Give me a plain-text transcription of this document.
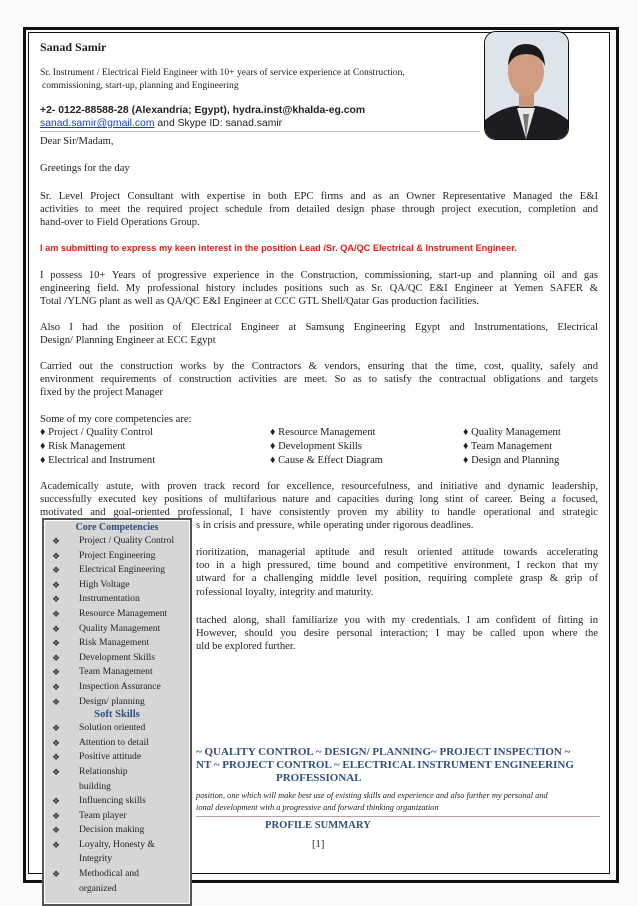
Sanad Samir
Sr. Instrument / Electrical Field Engineer with 10+ years of service experience at Construction,
commissioning, start-up, planning and Engineering
+2- 0122-88588-28 (Alexandria; Egypt), hydra.inst@khalda-eg.com
sanad.samir@gmail.com and Skype ID: sanad.samir
Dear Sir/Madam,
Greetings for the day
Sr. Level Project Consultant with expertise in both EPC firms and as an Owner Representative Managed the E&I
activities to meet the required project schedule from detailed design phase through project execution, completion and
hand-over to Field Operations Group.
I am submitting to express my keen interest in the position Lead /Sr. QA/QC Electrical & Instrument Engineer.
I possess 10+ Years of progressive experience in the Construction, commissioning, start-up and planning oil and gas
engineering field. My professional history includes positions such as Sr. QA/QC E&I Engineer at Yemen SAFER &
Total /YLNG plant as well as QA/QC E&I Engineer at CCC GTL Shell/Qatar Gas production facilities.
Also I had the position of Electrical Engineer at Samsung Engineering Egypt and Instrumentations, Electrical
Design/ Planning Engineer at ECC Egypt
Carried out the construction works by the Contractors & vendors, ensuring that the time, cost, quality, safely and
environment requirements of construction activities are meet. So as to satisfy the contractual obligations and targets
fixed by the project Manager
Some of my core competencies are:
♦ Project / Quality Control
♦ Risk Management
♦ Electrical and Instrument
♦ Resource Management
♦ Development Skills
♦ Cause & Effect Diagram
♦ Quality Management
♦ Team Management
♦ Design and Planning
Academically astute, with proven track record for excellence, resourcefulness, and initiative and dynamic leadership,
successfully executed key positions of multifarious nature and capacities during long stint of career. Being a focused,
motivated and goal-oriented professional, I have consistently proven my ability to handle operational and strategic
s in crisis and pressure, while operating under rigorous deadlines.
rioritization, managerial aptitude and result oriented attitude towards accelerating
too in a high pressured, time bound and competitive environment, I reckon that my
utward for a challenging middle level position, requiring complete grasp & grip of
rofessional loyalty, integrity and maturity.
ttached along, shall familiarize you with my credentials. I am confident of fitting in
However, should you desire personal interaction; I may be called upon where the
uld be explored further.
~ QUALITY CONTROL ~ DESIGN/ PLANNING~ PROJECT INSPECTION ~
NT ~ PROJECT CONTROL ~ ELECTRICAL INSTRUMENT ENGINEERING
PROFESSIONAL
position, one which will make best use of existing skills and experience and also further my personal and
ional development with a progressive and forward thinking organization
PROFILE SUMMARY
[1]
Core Competencies
❖	Project / Quality Control
❖	Project Engineering
❖	Electrical Engineering
❖	High Voltage
❖	Instrumentation
❖	Resource Management
❖	Quality Management
❖	Risk Management
❖	Development Skills
❖	Team Management
❖	Inspection Assurance
❖	Design/ planning
Soft Skills
❖	Solution oriented
❖	Attention to detail
❖	Positive attitude
❖	Relationship building
❖	Influencing skills
❖	Team player
❖	Decision making
❖	Loyalty, Honesty & Integrity
❖	Methodical and organized
